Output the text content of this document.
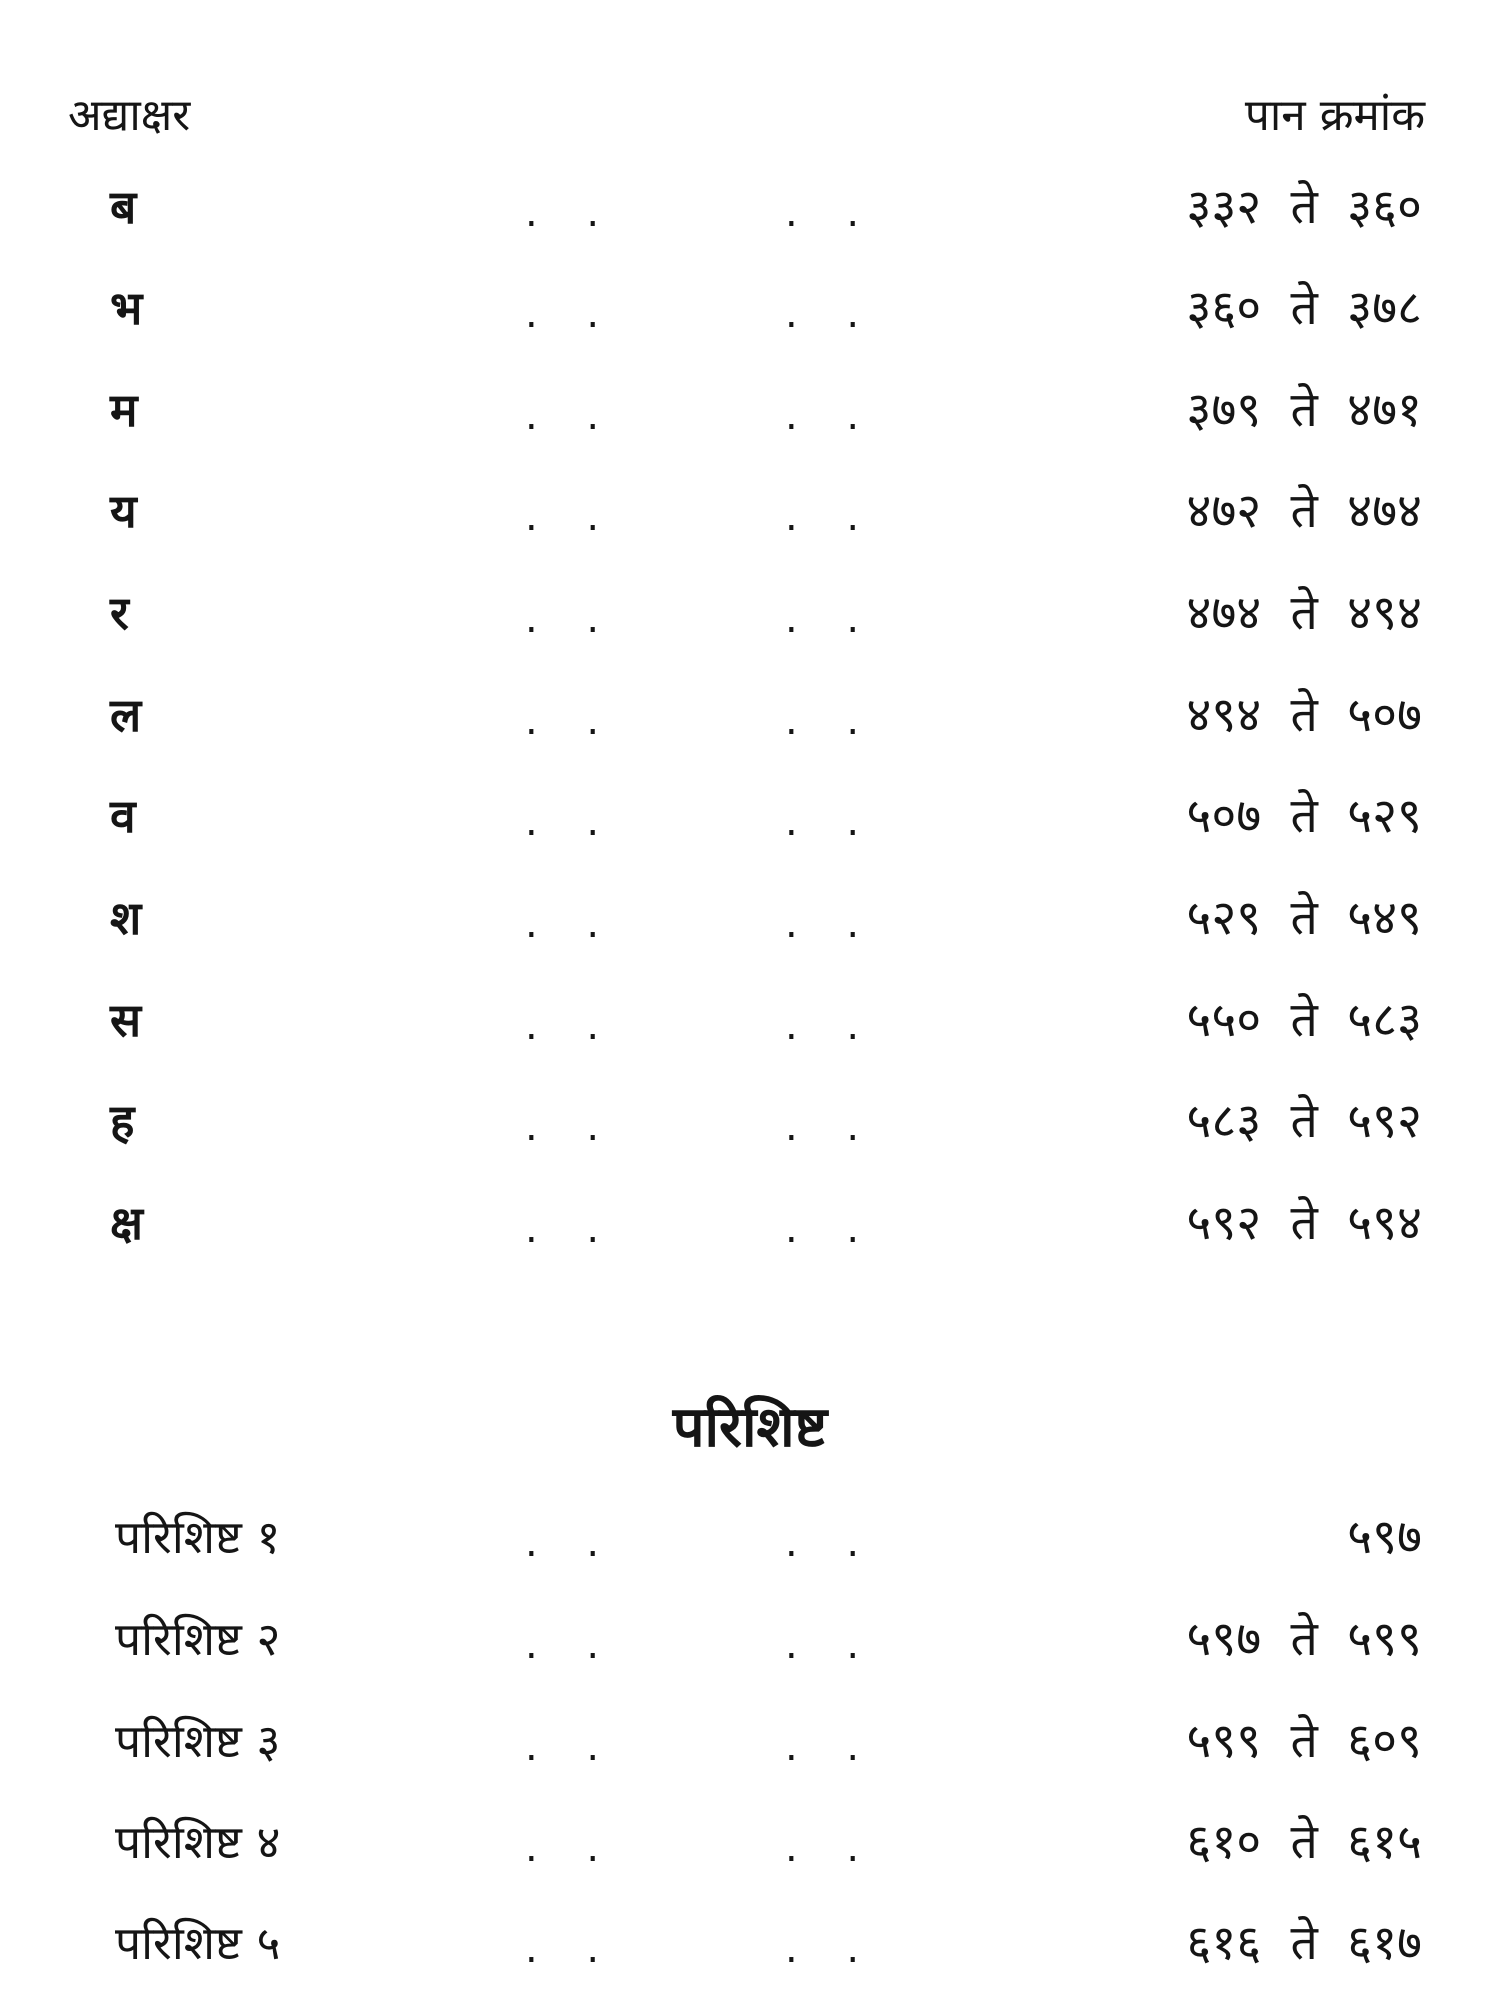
अद्याक्षर	पान क्रमांक
ब	. .	. .	३३२ ते ३६०
भ	. .	. .	३६० ते ३७८
म	. .	. .	३७९ ते ४७१
य	. .	. .	४७२ ते ४७४
र	. .	. .	४७४ ते ४९४
ल	. .	. .	४९४ ते ५०७
व	. .	. .	५०७ ते ५२९
श	. .	. .	५२९ ते ५४९
स	. .	. .	५५० ते ५८३
ह	. .	. .	५८३ ते ५९२
क्ष	. .	. .	५९२ ते ५९४
परिशिष्ट
परिशिष्ट १	. .	. .	५९७
परिशिष्ट २	. .	. .	५९७ ते ५९९
परिशिष्ट ३	. .	. .	५९९ ते ६०९
परिशिष्ट ४	. .	. .	६१० ते ६१५
परिशिष्ट ५	. .	. .	६१६ ते ६१७
